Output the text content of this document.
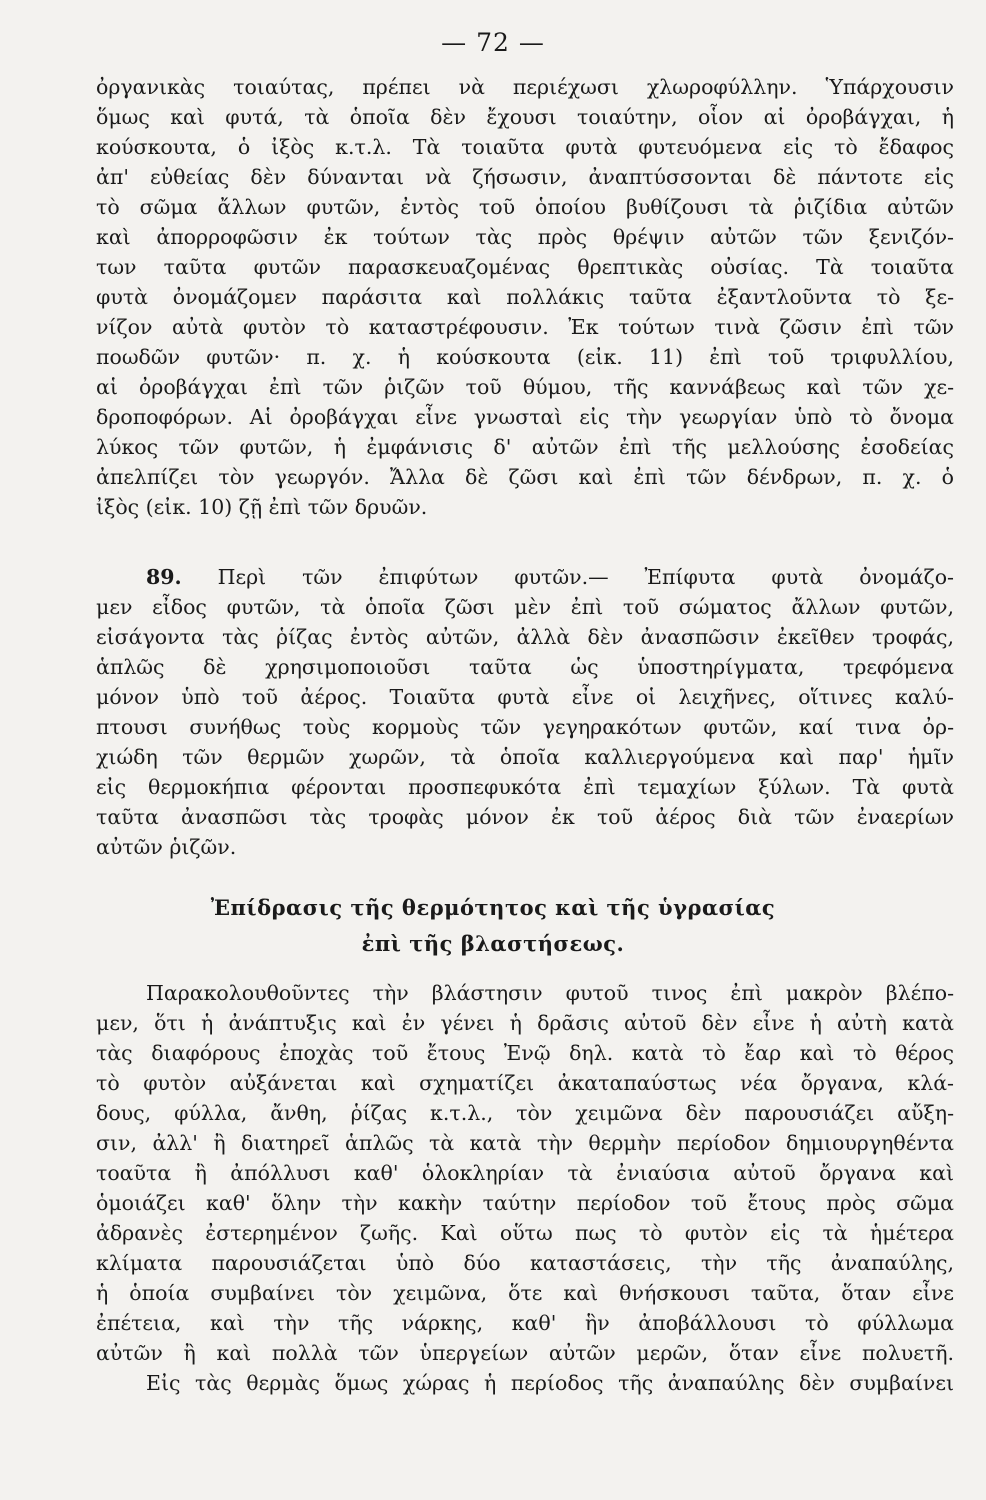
— 72 —
ὀργανικὰς τοιαύτας, πρέπει νὰ περιέχωσι χλωροφύλλην. Ὑπάρχουσιν
ὅμως καὶ φυτά, τὰ ὁποῖα δὲν ἔχουσι τοιαύτην, οἷον αἱ ὀροβάγχαι, ἡ
κούσκουτα, ὁ ἰξὸς κ.τ.λ. Τὰ τοιαῦτα φυτὰ φυτευόμενα εἰς τὸ ἔδαφος
ἀπ' εὐθείας δὲν δύνανται νὰ ζήσωσιν, ἀναπτύσσονται δὲ πάντοτε εἰς
τὸ σῶμα ἄλλων φυτῶν, ἐντὸς τοῦ ὁποίου βυθίζουσι τὰ ῥιζίδια αὐτῶν
καὶ ἀπορροφῶσιν ἐκ τούτων τὰς πρὸς θρέψιν αὐτῶν τῶν ξενιζόν-
των ταῦτα φυτῶν παρασκευαζομένας θρεπτικὰς οὐσίας. Τὰ τοιαῦτα
φυτὰ ὀνομάζομεν παράσιτα καὶ πολλάκις ταῦτα ἐξαντλοῦντα τὸ ξε-
νίζον αὐτὰ φυτὸν τὸ καταστρέφουσιν. Ἐκ τούτων τινὰ ζῶσιν ἐπὶ τῶν
ποωδῶν φυτῶν· π. χ. ἡ κούσκουτα (εἰκ. 11) ἐπὶ τοῦ τριφυλλίου,
αἱ ὀροβάγχαι ἐπὶ τῶν ῥιζῶν τοῦ θύμου, τῆς καννάβεως καὶ τῶν χε-
δροποφόρων. Αἱ ὀροβάγχαι εἶνε γνωσταὶ εἰς τὴν γεωργίαν ὑπὸ τὸ ὄνομα
λύκος τῶν φυτῶν, ἡ ἐμφάνισις δ' αὐτῶν ἐπὶ τῆς μελλούσης ἐσοδείας
ἀπελπίζει τὸν γεωργόν. Ἄλλα δὲ ζῶσι καὶ ἐπὶ τῶν δένδρων, π. χ. ὁ
ἰξὸς (εἰκ. 10) ζῇ ἐπὶ τῶν δρυῶν.
89. Περὶ τῶν ἐπιφύτων φυτῶν.— Ἐπίφυτα φυτὰ ὀνομάζο-
μεν εἶδος φυτῶν, τὰ ὁποῖα ζῶσι μὲν ἐπὶ τοῦ σώματος ἄλλων φυτῶν,
εἰσάγοντα τὰς ῥίζας ἐντὸς αὐτῶν, ἀλλὰ δὲν ἀνασπῶσιν ἐκεῖθεν τροφάς,
ἁπλῶς δὲ χρησιμοποιοῦσι ταῦτα ὡς ὑποστηρίγματα, τρεφόμενα
μόνον ὑπὸ τοῦ ἀέρος. Τοιαῦτα φυτὰ εἶνε οἱ λειχῆνες, οἵτινες καλύ-
πτουσι συνήθως τοὺς κορμοὺς τῶν γεγηρακότων φυτῶν, καί τινα ὀρ-
χιώδη τῶν θερμῶν χωρῶν, τὰ ὁποῖα καλλιεργούμενα καὶ παρ' ἡμῖν
εἰς θερμοκήπια φέρονται προσπεφυκότα ἐπὶ τεμαχίων ξύλων. Τὰ φυτὰ
ταῦτα ἀνασπῶσι τὰς τροφὰς μόνον ἐκ τοῦ ἀέρος διὰ τῶν ἐναερίων
αὐτῶν ῥιζῶν.
Ἐπίδρασις τῆς θερμότητος καὶ τῆς ὑγρασίας
ἐπὶ τῆς βλαστήσεως.
Παρακολουθοῦντες τὴν βλάστησιν φυτοῦ τινος ἐπὶ μακρὸν βλέπο-
μεν, ὅτι ἡ ἀνάπτυξις καὶ ἐν γένει ἡ δρᾶσις αὐτοῦ δὲν εἶνε ἡ αὐτὴ κατὰ
τὰς διαφόρους ἐποχὰς τοῦ ἔτους Ἐνῷ δηλ. κατὰ τὸ ἔαρ καὶ τὸ θέρος
τὸ φυτὸν αὐξάνεται καὶ σχηματίζει ἀκαταπαύστως νέα ὄργανα, κλά-
δους, φύλλα, ἄνθη, ῥίζας κ.τ.λ., τὸν χειμῶνα δὲν παρουσιάζει αὔξη-
σιν, ἀλλ' ἢ διατηρεῖ ἁπλῶς τὰ κατὰ τὴν θερμὴν περίοδον δημιουργηθέντα
τοαῦτα ἢ ἀπόλλυσι καθ' ὁλοκληρίαν τὰ ἐνιαύσια αὐτοῦ ὄργανα καὶ
ὁμοιάζει καθ' ὅλην τὴν κακὴν ταύτην περίοδον τοῦ ἔτους πρὸς σῶμα
ἀδρανὲς ἐστερημένον ζωῆς. Καὶ οὕτω πως τὸ φυτὸν εἰς τὰ ἡμέτερα
κλίματα παρουσιάζεται ὑπὸ δύο καταστάσεις, τὴν τῆς ἀναπαύλης,
ἡ ὁποία συμβαίνει τὸν χειμῶνα, ὅτε καὶ θνήσκουσι ταῦτα, ὅταν εἶνε
ἐπέτεια, καὶ τὴν τῆς νάρκης, καθ' ἣν ἀποβάλλουσι τὸ φύλλωμα
αὐτῶν ἢ καὶ πολλὰ τῶν ὑπεργείων αὐτῶν μερῶν, ὅταν εἶνε πολυετῆ.
Εἰς τὰς θερμὰς ὅμως χώρας ἡ περίοδος τῆς ἀναπαύλης δὲν συμβαίνει
